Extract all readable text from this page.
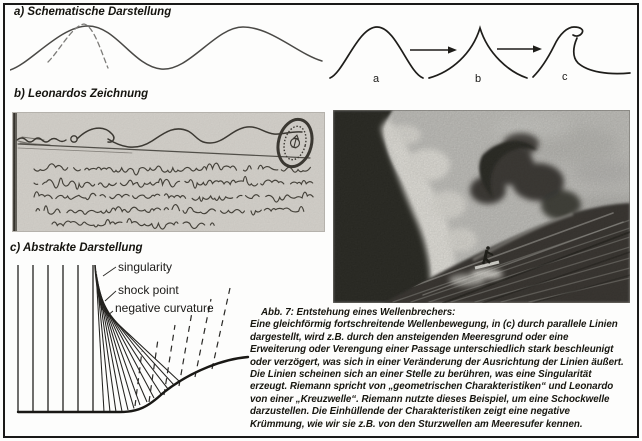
a) Schematische Darstellung
b) Leonardos Zeichnung
c) Abstrakte Darstellung
a	b	c
singularity
shock point
negative curvature	Abb. 7: Entstehung eines Wellenbrechers:
Eine gleichförmig fortschreitende Wellenbewegung, in (c) durch parallele Linien
dargestellt, wird z.B. durch den ansteigenden Meeresgrund oder eine
Erweiterung oder Verengung einer Passage unterschiedlich stark beschleunigt
oder verzögert, was sich in einer Veränderung der Ausrichtung der Linien äußert.
Die Linien scheinen sich an einer Stelle zu berühren, was eine Singularität
erzeugt. Riemann spricht von „geometrischen Charakteristiken“ und Leonardo
von einer „Kreuzwelle“. Riemann nutzte dieses Beispiel, um eine Schockwelle
darzustellen. Die Einhüllende der Charakteristiken zeigt eine negative
Krümmung, wie wir sie z.B. von den Sturzwellen am Meeresufer kennen.
